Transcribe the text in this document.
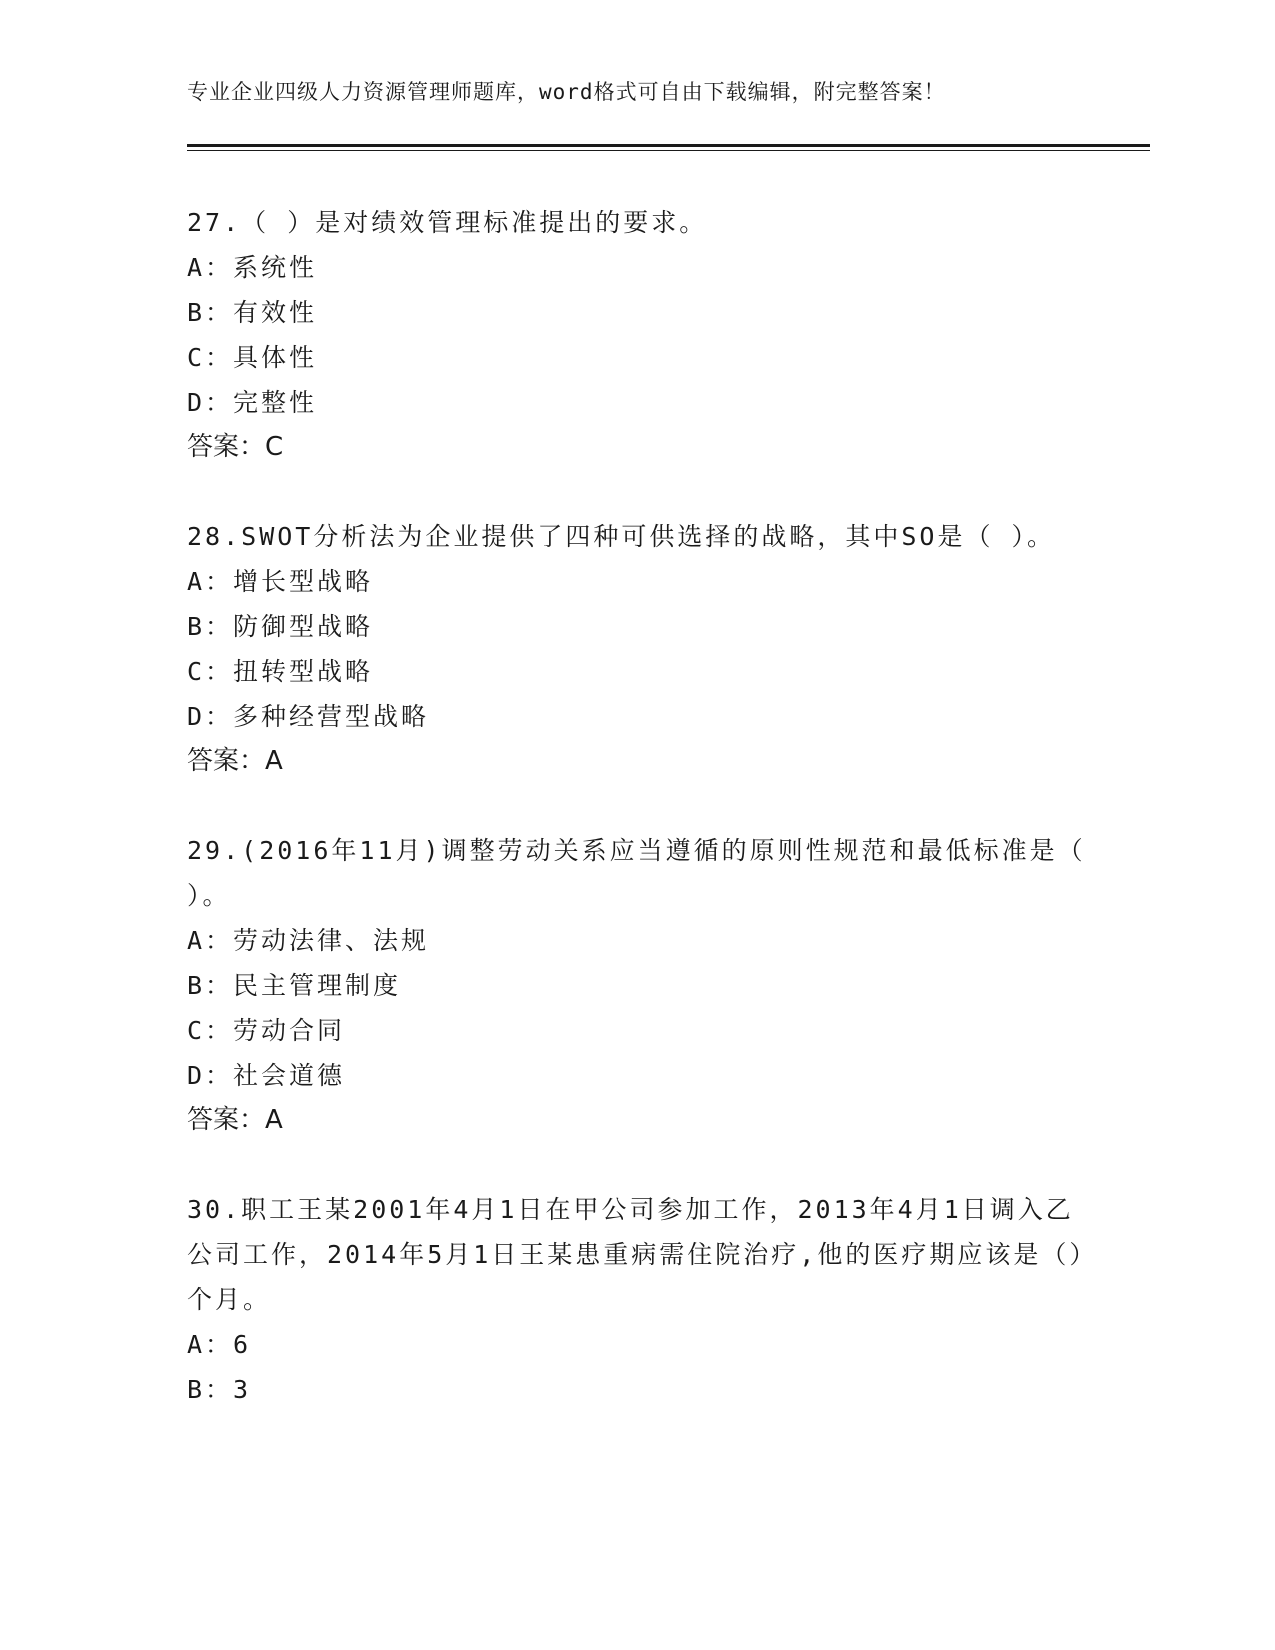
专业企业四级人力资源管理师题库，word格式可自由下载编辑，附完整答案！

27.（ ）是对绩效管理标准提出的要求。

A：系统性

B：有效性

C：具体性

D：完整性

答案：C

28.SWOT分析法为企业提供了四种可供选择的战略，其中SO是（ ）。

A：增长型战略

B：防御型战略

C：扭转型战略

D：多种经营型战略

答案：A

29.(2016年11月)调整劳动关系应当遵循的原则性规范和最低标准是（ ）。

A：劳动法律、法规

B：民主管理制度

C：劳动合同

D：社会道德

答案：A

30.职工王某2001年4月1日在甲公司参加工作，2013年4月1日调入乙公司工作，2014年5月1日王某患重病需住院治疗,他的医疗期应该是（）个月。

A：6

B：3
